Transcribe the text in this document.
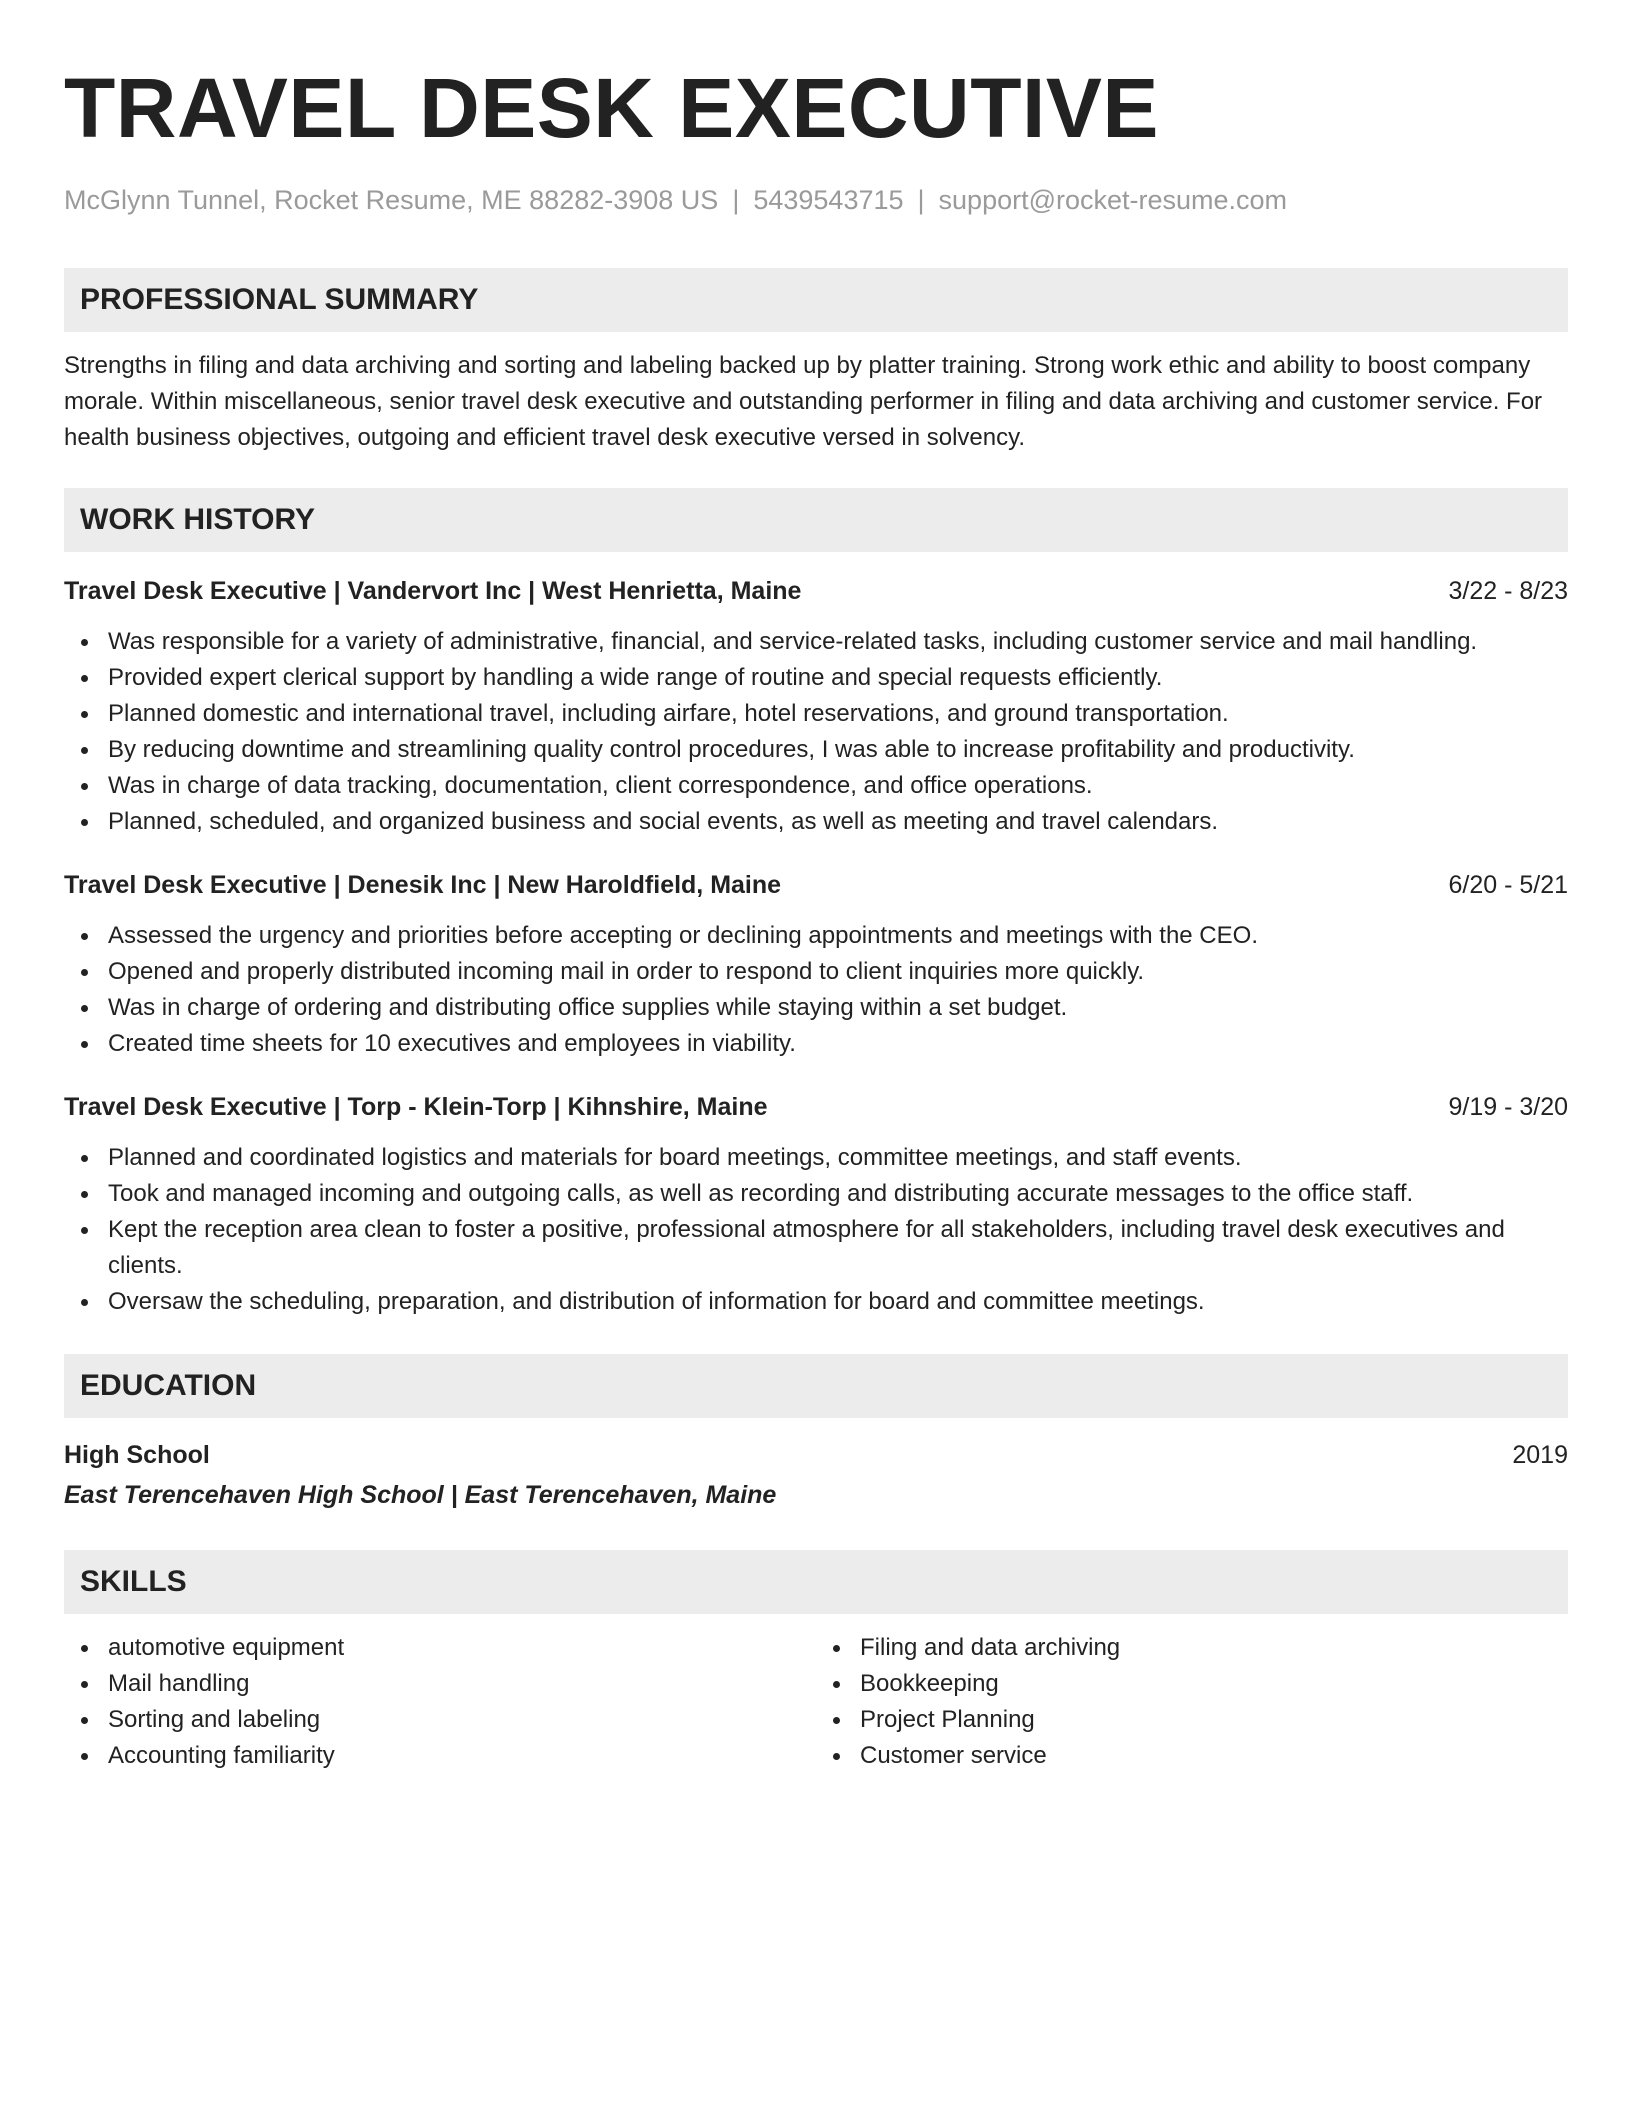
TRAVEL DESK EXECUTIVE
McGlynn Tunnel, Rocket Resume, ME 88282-3908 US | 5439543715 | support@rocket-resume.com
PROFESSIONAL SUMMARY

Strengths in filing and data archiving and sorting and labeling backed up by platter training. Strong work ethic and ability to boost company morale. Within miscellaneous, senior travel desk executive and outstanding performer in filing and data archiving and customer service. For health business objectives, outgoing and efficient travel desk executive versed in solvency.

WORK HISTORY
Travel Desk Executive | Vandervort Inc | West Henrietta, Maine	3/22 - 8/23
Was responsible for a variety of administrative, financial, and service-related tasks, including customer service and mail handling.
Provided expert clerical support by handling a wide range of routine and special requests efficiently.
Planned domestic and international travel, including airfare, hotel reservations, and ground transportation.
By reducing downtime and streamlining quality control procedures, I was able to increase profitability and productivity.
Was in charge of data tracking, documentation, client correspondence, and office operations.
Planned, scheduled, and organized business and social events, as well as meeting and travel calendars.
Travel Desk Executive | Denesik Inc | New Haroldfield, Maine	6/20 - 5/21
Assessed the urgency and priorities before accepting or declining appointments and meetings with the CEO.
Opened and properly distributed incoming mail in order to respond to client inquiries more quickly.
Was in charge of ordering and distributing office supplies while staying within a set budget.
Created time sheets for 10 executives and employees in viability.
Travel Desk Executive | Torp - Klein-Torp | Kihnshire, Maine	9/19 - 3/20
Planned and coordinated logistics and materials for board meetings, committee meetings, and staff events.
Took and managed incoming and outgoing calls, as well as recording and distributing accurate messages to the office staff.
Kept the reception area clean to foster a positive, professional atmosphere for all stakeholders, including travel desk executives and clients.
Oversaw the scheduling, preparation, and distribution of information for board and committee meetings.
EDUCATION
High School	2019
East Terencehaven High School | East Terencehaven, Maine
SKILLS
automotive equipment
Mail handling
Sorting and labeling
Accounting familiarity
Filing and data archiving
Bookkeeping
Project Planning
Customer service
